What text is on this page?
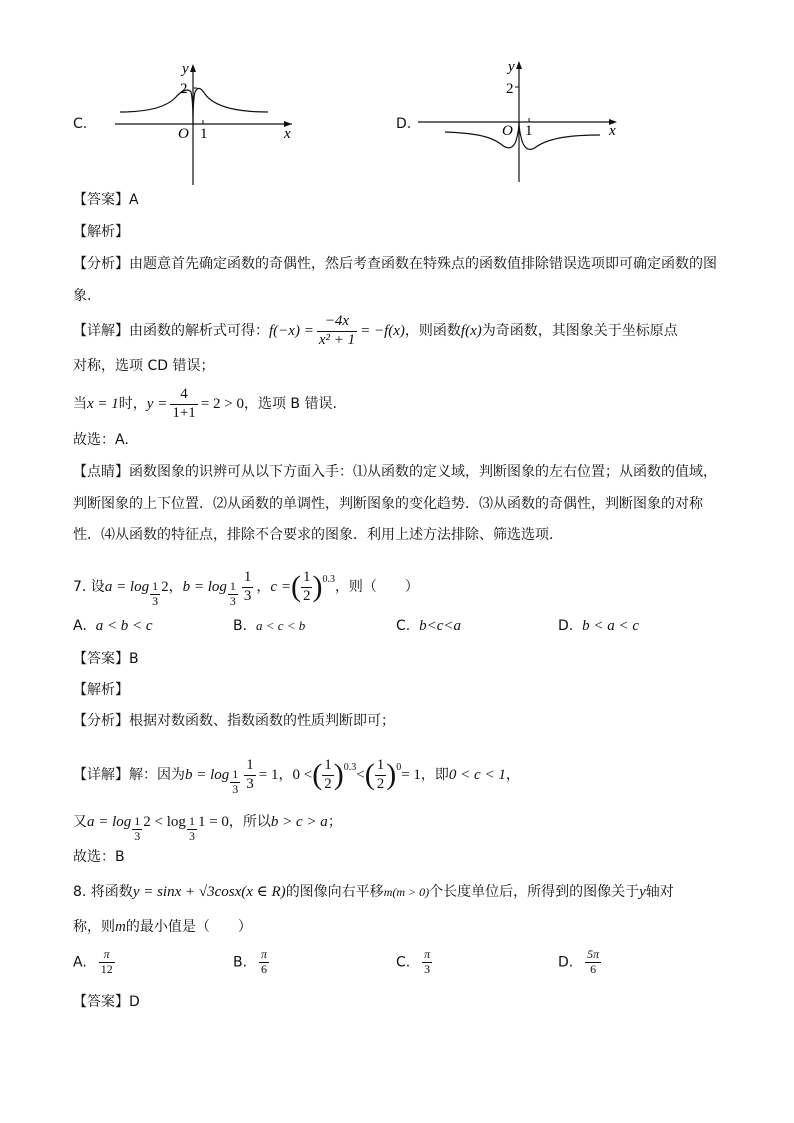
C.
y
2
O 1	x
D.
y
2
O 1	x
【答案】A
【解析】
【分析】由题意首先确定函数的奇偶性，然后考查函数在特殊点的函数值排除错误选项即可确定函数的图
象.
【详解】由函数的解析式可得：$f(-x) = \frac{-4x}{\text{x² + 1}} = -f(x)$，则函数f(x)为奇函数，其图象关于坐标原点
对称，选项 CD 错误；
当x = 1时，$y = \frac{4}{1+1} = 2 > 0$，选项 B 错误.
故选：A.
【点睛】函数图象的识辨可从以下方面入手：⑴从函数的定义域，判断图象的左右位置；从函数的值域，
判断图象的上下位置．⑵从函数的单调性，判断图象的变化趋势．⑶从函数的奇偶性，判断图象的对称
性．⑷从函数的特征点，排除不合要求的图象．利用上述方法排除、筛选选项．
7. 设$a = \log \frac{1}{3} 2$，$b = \log \frac{1}{3} \frac{1}{3}$ ，c =( $\frac{1}{2} )^{0.3}$，则（　　）
A. a < b < c	B. a < c < b	C. b<c<a	D. b < a < c
【答案】B
【解析】
【分析】根据对数函数、指数函数的性质判断即可；
【详解】解：因为$b = \log \frac{1}{3} \frac{1}{3} = 1$，0 <( $\frac{1}{2} )^{0.3}<( \frac{1}{2} )^0= 1$，即0 < c < 1，
又$a = \log \frac{1}{3} 2 < \log \frac{1}{3} 1 = 0$，所以b > c > a；
故选：B
8. 将函数y = sinx + √3cosx(x ∈ R)的图像向右平移m(m > 0)个长度单位后，所得到的图像关于y轴对
称，则m的最小值是（　　）
A. $\frac{\pi}{12}$	B. $\frac{\pi}{6}$	C. $\frac{\pi}{3}$	D. $\frac{5\pi}{6}$
【答案】D
